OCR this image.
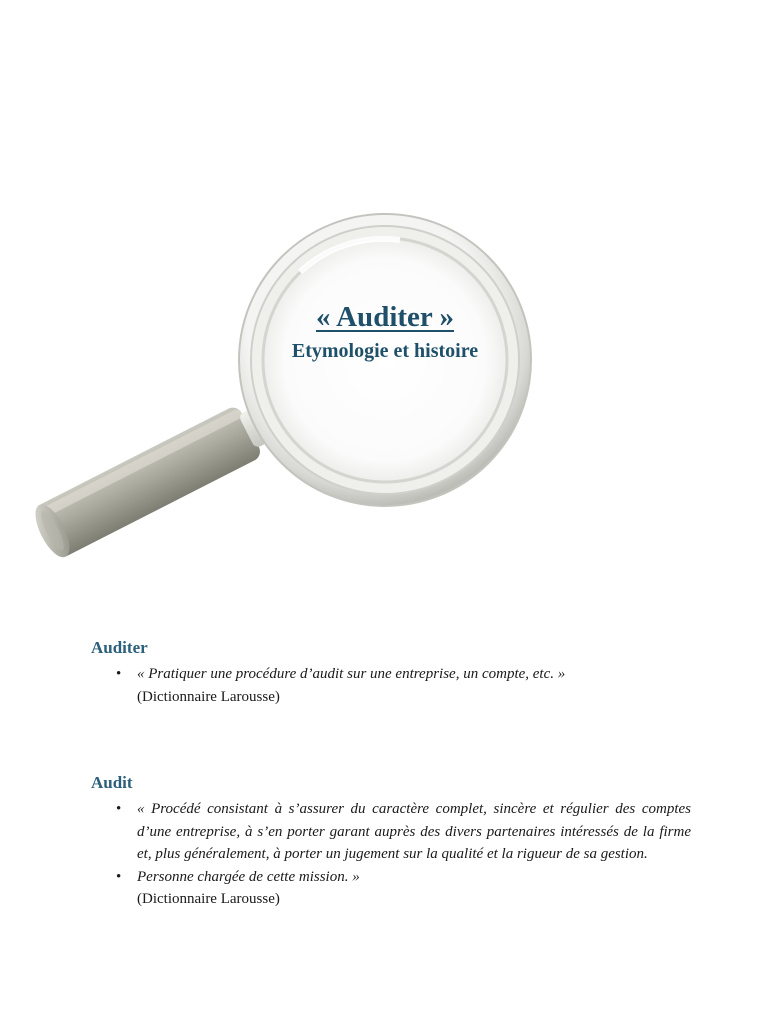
« Auditer »
Etymologie et histoire
Auditer
• « Pratiquer une procédure d’audit sur une entreprise, un compte, etc. »
(Dictionnaire Larousse)
Audit
• « Procédé consistant à s’assurer du caractère complet, sincère et régulier des comptes d’une entreprise, à s’en porter garant auprès des divers partenaires intéressés de la firme et, plus généralement, à porter un jugement sur la qualité et la rigueur de sa gestion.
• Personne chargée de cette mission. »
(Dictionnaire Larousse)
